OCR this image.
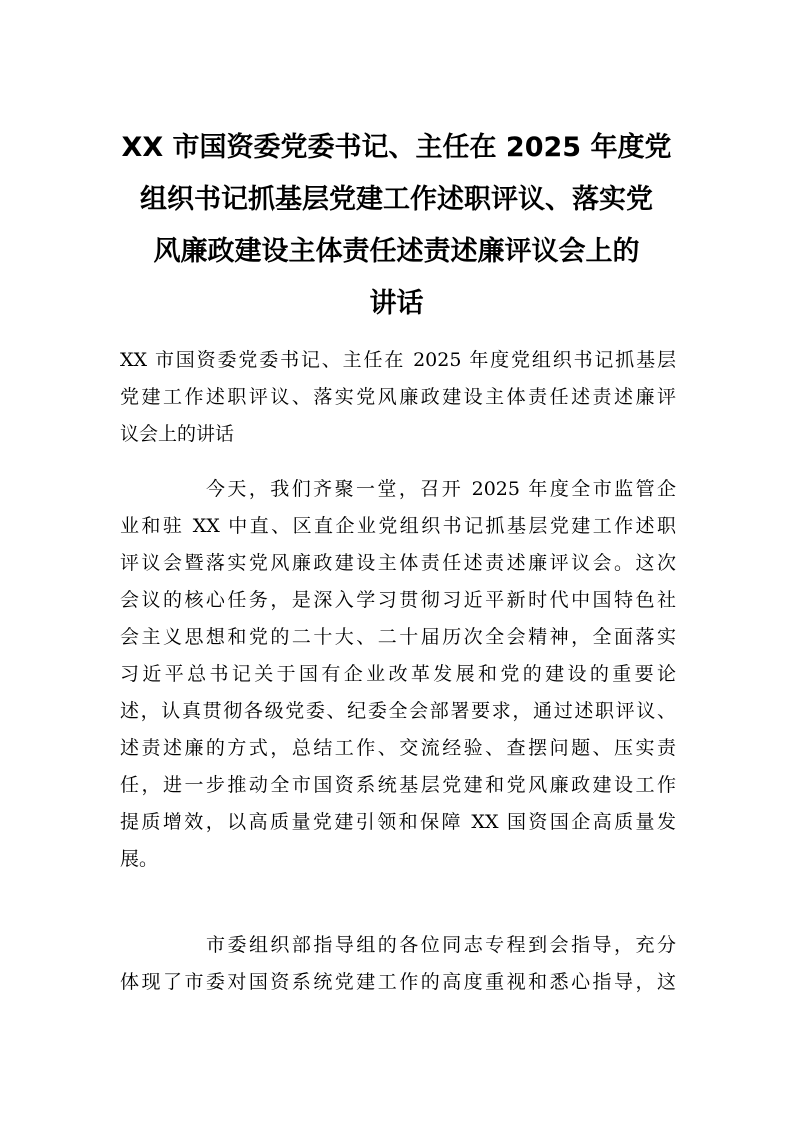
XX 市国资委党委书记、主任在 2025 年度党
组织书记抓基层党建工作述职评议、落实党
风廉政建设主体责任述责述廉评议会上的
讲话
XX 市国资委党委书记、主任在 2025 年度党组织书记抓基层
党建工作述职评议、落实党风廉政建设主体责任述责述廉评
议会上的讲话
今天，我们齐聚一堂，召开 2025 年度全市监管企
业和驻 XX 中直、区直企业党组织书记抓基层党建工作述职
评议会暨落实党风廉政建设主体责任述责述廉评议会。这次
会议的核心任务，是深入学习贯彻习近平新时代中国特色社
会主义思想和党的二十大、二十届历次全会精神，全面落实
习近平总书记关于国有企业改革发展和党的建设的重要论
述，认真贯彻各级党委、纪委全会部署要求，通过述职评议、
述责述廉的方式，总结工作、交流经验、查摆问题、压实责
任，进一步推动全市国资系统基层党建和党风廉政建设工作
提质增效，以高质量党建引领和保障 XX 国资国企高质量发
展。
市委组织部指导组的各位同志专程到会指导，充分
体现了市委对国资系统党建工作的高度重视和悉心指导，这
